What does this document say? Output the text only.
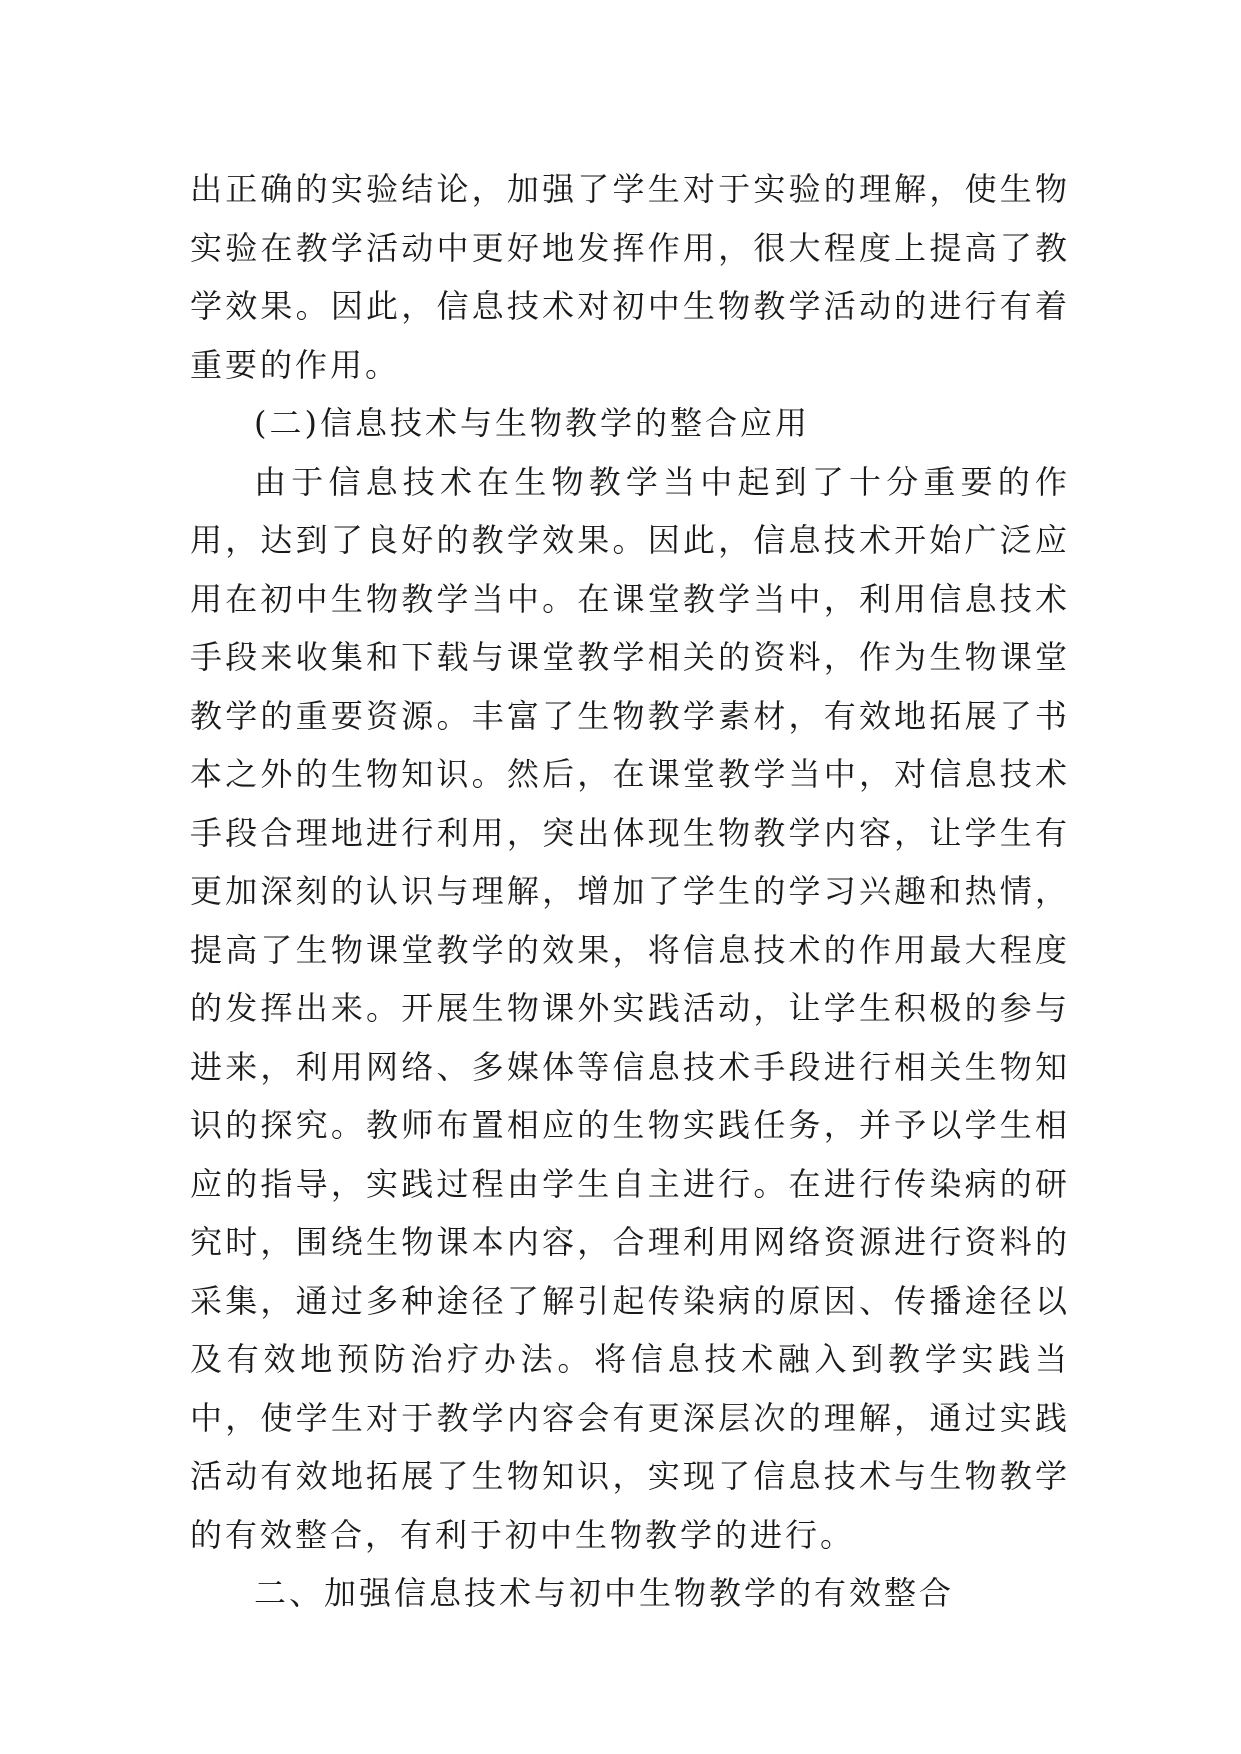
出正确的实验结论，加强了学生对于实验的理解，使生物实验在教学活动中更好地发挥作用，很大程度上提高了教学效果。因此，信息技术对初中生物教学活动的进行有着重要的作用。

(二)信息技术与生物教学的整合应用

由于信息技术在生物教学当中起到了十分重要的作用，达到了良好的教学效果。因此，信息技术开始广泛应用在初中生物教学当中。在课堂教学当中，利用信息技术手段来收集和下载与课堂教学相关的资料，作为生物课堂教学的重要资源。丰富了生物教学素材，有效地拓展了书本之外的生物知识。然后，在课堂教学当中，对信息技术手段合理地进行利用，突出体现生物教学内容，让学生有更加深刻的认识与理解，增加了学生的学习兴趣和热情，提高了生物课堂教学的效果，将信息技术的作用最大程度的发挥出来。开展生物课外实践活动，让学生积极的参与进来，利用网络、多媒体等信息技术手段进行相关生物知识的探究。教师布置相应的生物实践任务，并予以学生相应的指导，实践过程由学生自主进行。在进行传染病的研究时，围绕生物课本内容，合理利用网络资源进行资料的采集，通过多种途径了解引起传染病的原因、传播途径以及有效地预防治疗办法。将信息技术融入到教学实践当中，使学生对于教学内容会有更深层次的理解，通过实践活动有效地拓展了生物知识，实现了信息技术与生物教学的有效整合，有利于初中生物教学的进行。

二、加强信息技术与初中生物教学的有效整合
